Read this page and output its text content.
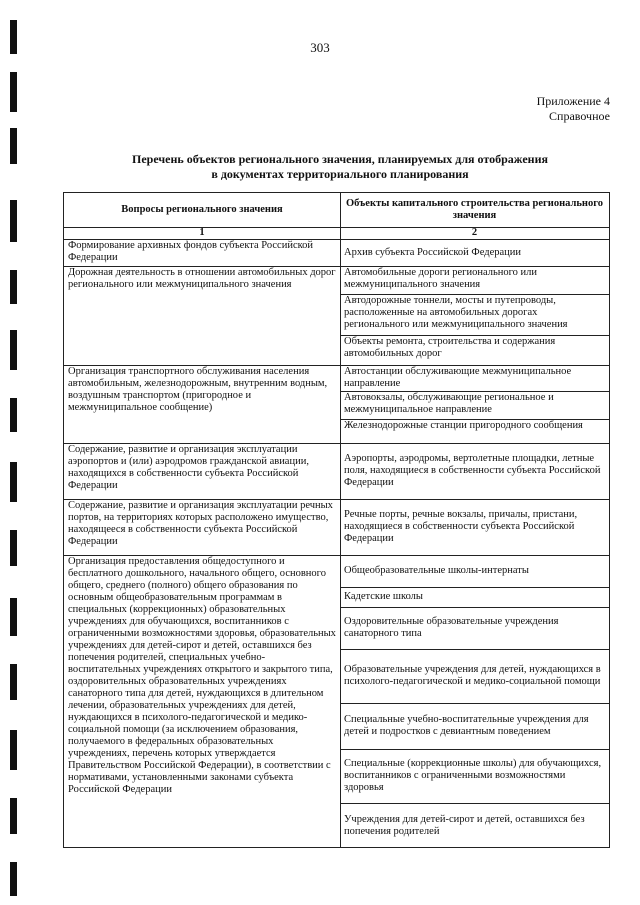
303
Приложение 4
Справочное
Перечень объектов регионального значения, планируемых для отображения
в документах территориального планирования
Вопросы регионального значения
Объекты капитального строительства регионального значения
1	2
Формирование архивных фондов субъекта Российской Федерации
Дорожная деятельность в отношении автомобильных дорог регионального или межмуниципального значения
Организация транспортного обслуживания населения автомобильным, железнодорожным, внутренним водным, воздушным транспортом (пригородное и межмуниципальное сообщение)
Содержание, развитие и организация эксплуатации аэропортов и (или) аэродромов гражданской авиации, находящихся в собственности субъекта Российской Федерации
Содержание, развитие и организация эксплуатации речных портов, на территориях которых расположено имущество, находящееся в собственности субъекта Российской Федерации
Организация предоставления общедоступного и бесплатного дошкольного, начального общего, основного общего, среднего (полного) общего образования по основным общеобразовательным программам в специальных (коррекционных) образовательных учреждениях для обучающихся, воспитанников с ограниченными возможностями здоровья, образовательных учреждениях для детей-сирот и детей, оставшихся без попечения родителей, специальных учебно-воспитательных учреждениях открытого и закрытого типа, оздоровительных образовательных учреждениях санаторного типа для детей, нуждающихся в длительном лечении, образовательных учреждениях для детей, нуждающихся в психолого-педагогической и медико-социальной помощи (за исключением образования, получаемого в федеральных образовательных учреждениях, перечень которых утверждается Правительством Российской Федерации), в соответствии с нормативами, установленными законами субъекта Российской Федерации
Архив субъекта Российской Федерации
Автомобильные дороги регионального или межмуниципального значения
Автодорожные тоннели, мосты и путепроводы, расположенные на автомобильных дорогах регионального или межмуниципального значения
Объекты ремонта, строительства и содержания автомобильных дорог
Автостанции обслуживающие межмуниципальное направление
Автовокзалы, обслуживающие региональное и межмуниципальное направление
Железнодорожные станции пригородного сообщения
Аэропорты, аэродромы, вертолетные площадки, летные поля, находящиеся в собственности субъекта Российской Федерации
Речные порты, речные вокзалы, причалы, пристани, находящиеся в собственности субъекта Российской Федерации
Общеобразовательные школы-интернаты
Кадетские школы
Оздоровительные образовательные учреждения санаторного типа
Образовательные учреждения для детей, нуждающихся в психолого-педагогической и медико-социальной помощи
Специальные учебно-воспитательные учреждения для детей и подростков с девиантным поведением
Специальные (коррекционные школы) для обучающихся, воспитанников с ограниченными возможностями здоровья
Учреждения для детей-сирот и детей, оставшихся без попечения родителей
